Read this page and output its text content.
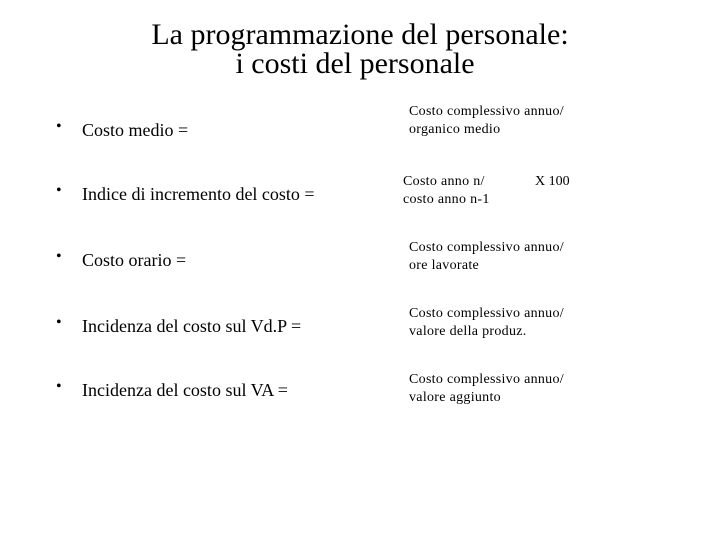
La programmazione del personale:
i costi del personale
• Costo medio =
Costo complessivo annuo/
organico medio
• Indice di incremento del costo =
Costo anno n/
costo anno n-1
X 100
• Costo orario =
Costo complessivo annuo/
ore lavorate
• Incidenza del costo sul Vd.P =
Costo complessivo annuo/
valore della produz.
• Incidenza del costo sul VA =
Costo complessivo annuo/
valore aggiunto
